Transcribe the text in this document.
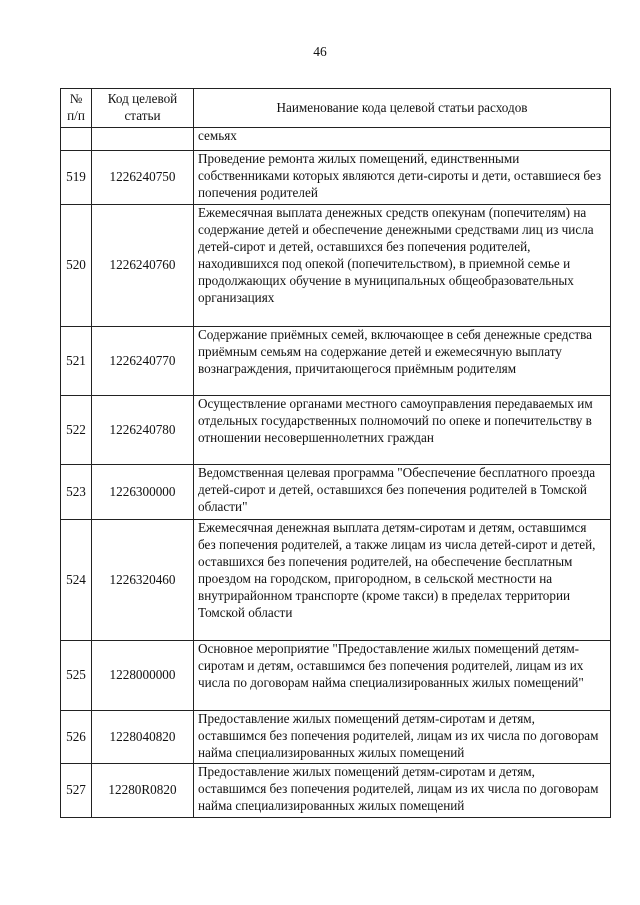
46
№ п/п	Код целевой статьи	Наименование кода целевой статьи расходов
		семьях
519	1226240750	Проведение ремонта жилых помещений, единственными собственниками которых являются дети-сироты и дети, оставшиеся без попечения родителей
520	1226240760	Ежемесячная выплата денежных средств опекунам (попечителям) на содержание детей и обеспечение денежными средствами лиц из числа детей-сирот и детей, оставшихся без попечения родителей, находившихся под опекой (попечительством), в приемной семье и продолжающих обучение в муниципальных общеобразовательных организациях
521	1226240770	Содержание приёмных семей, включающее в себя денежные средства приёмным семьям на содержание детей и ежемесячную выплату вознаграждения, причитающегося приёмным родителям
522	1226240780	Осуществление органами местного самоуправления передаваемых им отдельных государственных полномочий по опеке и попечительству в отношении несовершеннолетних граждан
523	1226300000	Ведомственная целевая программа "Обеспечение бесплатного проезда детей-сирот и детей, оставшихся без попечения родителей в Томской области"
524	1226320460	Ежемесячная денежная выплата детям-сиротам и детям, оставшимся без попечения родителей, а также лицам из числа детей-сирот и детей, оставшихся без попечения родителей, на обеспечение бесплатным проездом на городском, пригородном, в сельской местности на внутрирайонном транспорте (кроме такси) в пределах территории Томской области
525	1228000000	Основное мероприятие "Предоставление жилых помещений детям-сиротам и детям, оставшимся без попечения родителей, лицам из их числа по договорам найма специализированных жилых помещений"
526	1228040820	Предоставление жилых помещений детям-сиротам и детям, оставшимся без попечения родителей, лицам из их числа по договорам найма специализированных жилых помещений
527	12280R0820	Предоставление жилых помещений детям-сиротам и детям, оставшимся без попечения родителей, лицам из их числа по договорам найма специализированных жилых помещений
